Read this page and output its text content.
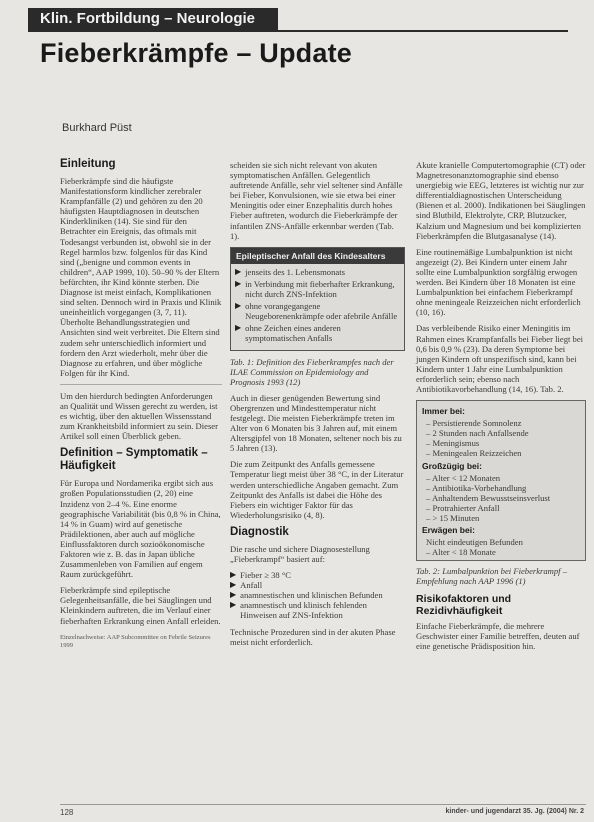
Klin. Fortbildung – Neurologie
Fieberkrämpfe – Update
Burkhard Püst
Einleitung

Fieberkrämpfe sind die häufigste Manifestationsform kindlicher zerebraler Krampfanfälle (2) und gehören zu den 20 häufigsten Hauptdiagnosen in deutschen Kinderkliniken (14). Sie sind für den Betrachter ein Ereignis, das oftmals mit Todesangst verbunden ist, obwohl sie in der Regel harmlos bzw. folgenlos für das Kind sind („benigne und common events in children“, AAP 1999, 10). 50–90 % der Eltern befürchten, ihr Kind könnte sterben. Die Diagnose ist meist einfach, Komplikationen sind selten. Dennoch wird in Praxis und Klinik uneinheitlich vorgegangen (3, 7, 11). Überholte Behandlungsstrategien und Ansichten sind weit verbreitet. Die Eltern sind zudem sehr unterschiedlich informiert und fordern den Arzt wiederholt, mehr über die Diagnose zu erfahren, und über mögliche Folgen für ihr Kind.

Um den hierdurch bedingten Anforderungen an Qualität und Wissen gerecht zu werden, ist es wichtig, über den aktuellen Wissensstand zum Krankheitsbild informiert zu sein. Dieser Artikel soll einen Überblick geben.

Definition – Symptomatik – Häufigkeit

Für Europa und Nordamerika ergibt sich aus großen Populationsstudien (2, 20) eine Inzidenz von 2–4 %. Eine enorme geographische Variabilität (bis 0,8 % in China, 14 % in Guam) wird auf genetische Prädilektionen, aber auch auf mögliche Einflussfaktoren durch sozioökonomische Faktoren wie z. B. das in Japan übliche Zusammenleben von Familien auf engem Raum zurückgeführt.

Fieberkrämpfe sind epileptische Gelegenheitsanfälle, die bei Säuglingen und Kleinkindern auftreten, die im Verlauf einer fieberhaften Erkrankung einen Anfall erleiden.

Einzelnachweise: AAP Subcommittee on Febrile Seizures 1999

scheiden sie sich nicht relevant von akuten symptomatischen Anfällen. Gelegentlich auftretende Anfälle, sehr viel seltener sind Anfälle bei Fieber, Konvulsionen, wie sie etwa bei einer Meningitis oder einer Enzephalitis durch hohes Fieber auftreten, wodurch die Fieberkrämpfe der infantilen ZNS-Anfälle erkennbar werden (Tab. 1).

Epileptischer Anfall des Kindesalters
▶ jenseits des 1. Lebensmonats
▶ in Verbindung mit fieberhafter Erkrankung, nicht durch ZNS-Infektion
▶ ohne vorangegangene Neugeborenenkrämpfe oder afebrile Anfälle
▶ ohne Zeichen eines anderen symptomatischen Anfalls

Tab. 1: Definition des Fieberkrampfes nach der ILAE Commission on Epidemiology and Prognosis 1993 (12)

Auch in dieser genügenden Bewertung sind Obergrenzen und Mindesttemperatur nicht festgelegt. Die meisten Fieberkrämpfe treten im Alter von 6 Monaten bis 3 Jahren auf, mit einem Altersgipfel von 18 Monaten, seltener noch bis zu 5 Jahren (13).

Die zum Zeitpunkt des Anfalls gemessene Temperatur liegt meist über 38 °C, in der Literatur werden unterschiedliche Angaben gemacht. Zum Zeitpunkt des Anfalls ist dabei die Höhe des Fiebers ein wichtiger Faktor für das Wiederholungsrisiko (4, 8).

Diagnostik

Die rasche und sichere Diagnosestellung „Fieberkrampf“ basiert auf:

▶ Fieber ≥ 38 °C
▶ Anfall
▶ anamnestischen und klinischen Befunden
▶ anamnestisch und klinisch fehlenden Hinweisen auf ZNS-Infektion

Technische Prozeduren sind in der akuten Phase meist nicht erforderlich.

Akute kranielle Computertomographie (CT) oder Magnetresonanztomographie sind ebenso unergiebig wie EEG, letzteres ist wichtig nur zur differentialdiagnostischen Unterscheidung (Bienen et al. 2000). Indikationen bei Säuglingen sind Blutbild, Elektrolyte, CRP, Blutzucker, Kalzium und Magnesium und bei komplizierten Fieberkrämpfen die Blutgasanalyse (14).

Eine routinemäßige Lumbalpunktion ist nicht angezeigt (2). Bei Kindern unter einem Jahr sollte eine Lumbalpunktion sorgfältig erwogen werden. Bei Kindern über 18 Monaten ist eine Lumbalpunktion bei einfachem Fieberkrampf ohne meningeale Reizzeichen nicht erforderlich (10, 16).

Das verbleibende Risiko einer Meningitis im Rahmen eines Krampfanfalls bei Fieber liegt bei 0,6 bis 0,9 % (23). Da deren Symptome bei jungen Kindern oft unspezifisch sind, kann bei Kindern unter 1 Jahr eine Lumbalpunktion erforderlich sein; ebenso nach Antibiotikavorbehandlung (14, 16). Tab. 2.

Immer bei:
– Persistierende Somnolenz
– 2 Stunden nach Anfallsende
– Meningismus
– Meningealen Reizzeichen
Großzügig bei:
– Alter < 12 Monaten
– Antibiotika-Vorbehandlung
– Anhaltendem Bewusstseinsverlust
– Protrahierter Anfall
– > 15 Minuten
Erwägen bei:
Nicht eindeutigen Befunden
– Alter < 18 Monate

Tab. 2: Lumbalpunktion bei Fieberkrampf – Empfehlung nach AAP 1996 (1)

Risikofaktoren und Rezidivhäufigkeit

Einfache Fieberkrämpfe, die mehrere Geschwister einer Familie betreffen, deuten auf eine genetische Prädisposition hin.

128	kinder- und jugendarzt 35. Jg. (2004) Nr. 2
